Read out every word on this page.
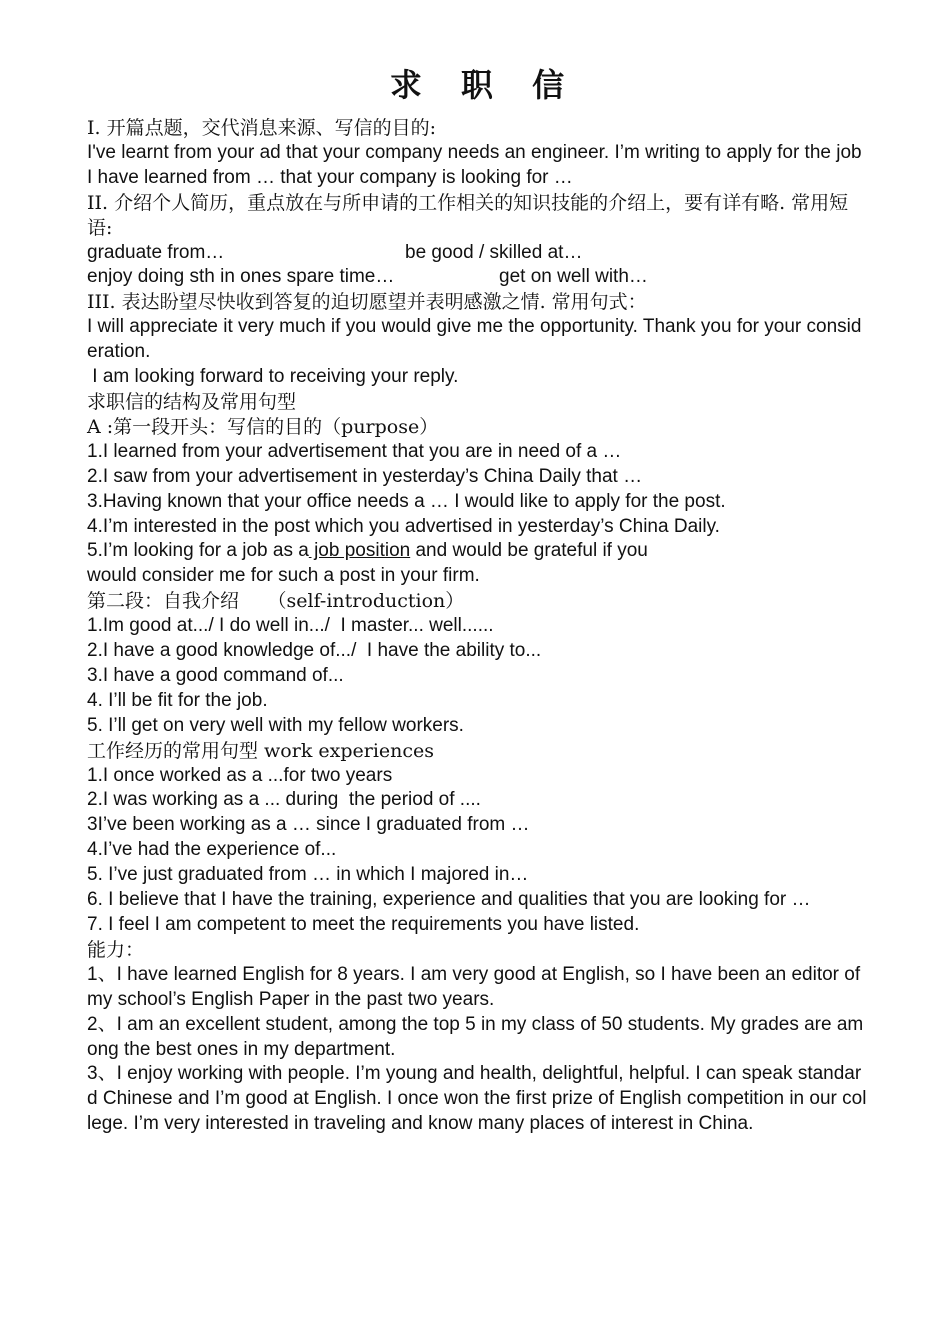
求 职 信

I. 开篇点题，交代消息来源、写信的目的:

I've learnt from your ad that your company needs an engineer. I’m writing to apply for the job

I have learned from … that your company is looking for …

II. 介绍个人简历，重点放在与所申请的工作相关的知识技能的介绍上，要有详有略. 常用短语:

graduate from…	be good / skilled at…
enjoy doing sth in ones spare time…	get on well with…

III. 表达盼望尽快收到答复的迫切愿望并表明感激之情. 常用句式：

I will appreciate it very much if you would give me the opportunity. Thank you for your consideration.

I am looking forward to receiving your reply.

求职信的结构及常用句型

A :第一段开头：写信的目的（purpose）

1.I learned from your advertisement that you are in need of a …

2.I saw from your advertisement in yesterday’s China Daily that …

3.Having known that your office needs a … I would like to apply for the post.

4.I’m interested in the post which you advertised in yesterday’s China Daily.

5.I’m looking for a job as a job position and would be grateful if you

would consider me for such a post in your firm.

第二段：自我介绍　　（self-introduction）

1.Im good at.../ I do well in.../  I master... well......

2.I have a good knowledge of.../  I have the ability to...

3.I have a good command of...

4. I’ll be fit for the job.

5. I’ll get on very well with my fellow workers.

工作经历的常用句型 work experiences

1.I once worked as a ...for two years

2.I was working as a ... during  the period of ....

3I’ve been working as a … since I graduated from …

4.I’ve had the experience of...

5. I’ve just graduated from … in which I majored in…

6. I believe that I have the training, experience and qualities that you are looking for …

7. I feel I am competent to meet the requirements you have listed.

能力：

1、I have learned English for 8 years. I am very good at English, so I have been an editor of my school’s English Paper in the past two years.

2、I am an excellent student, among the top 5 in my class of 50 students. My grades are among the best ones in my department.

3、I enjoy working with people. I’m young and health, delightful, helpful. I can speak standard Chinese and I’m good at English. I once won the first prize of English competition in our college. I’m very interested in traveling and know many places of interest in China.
